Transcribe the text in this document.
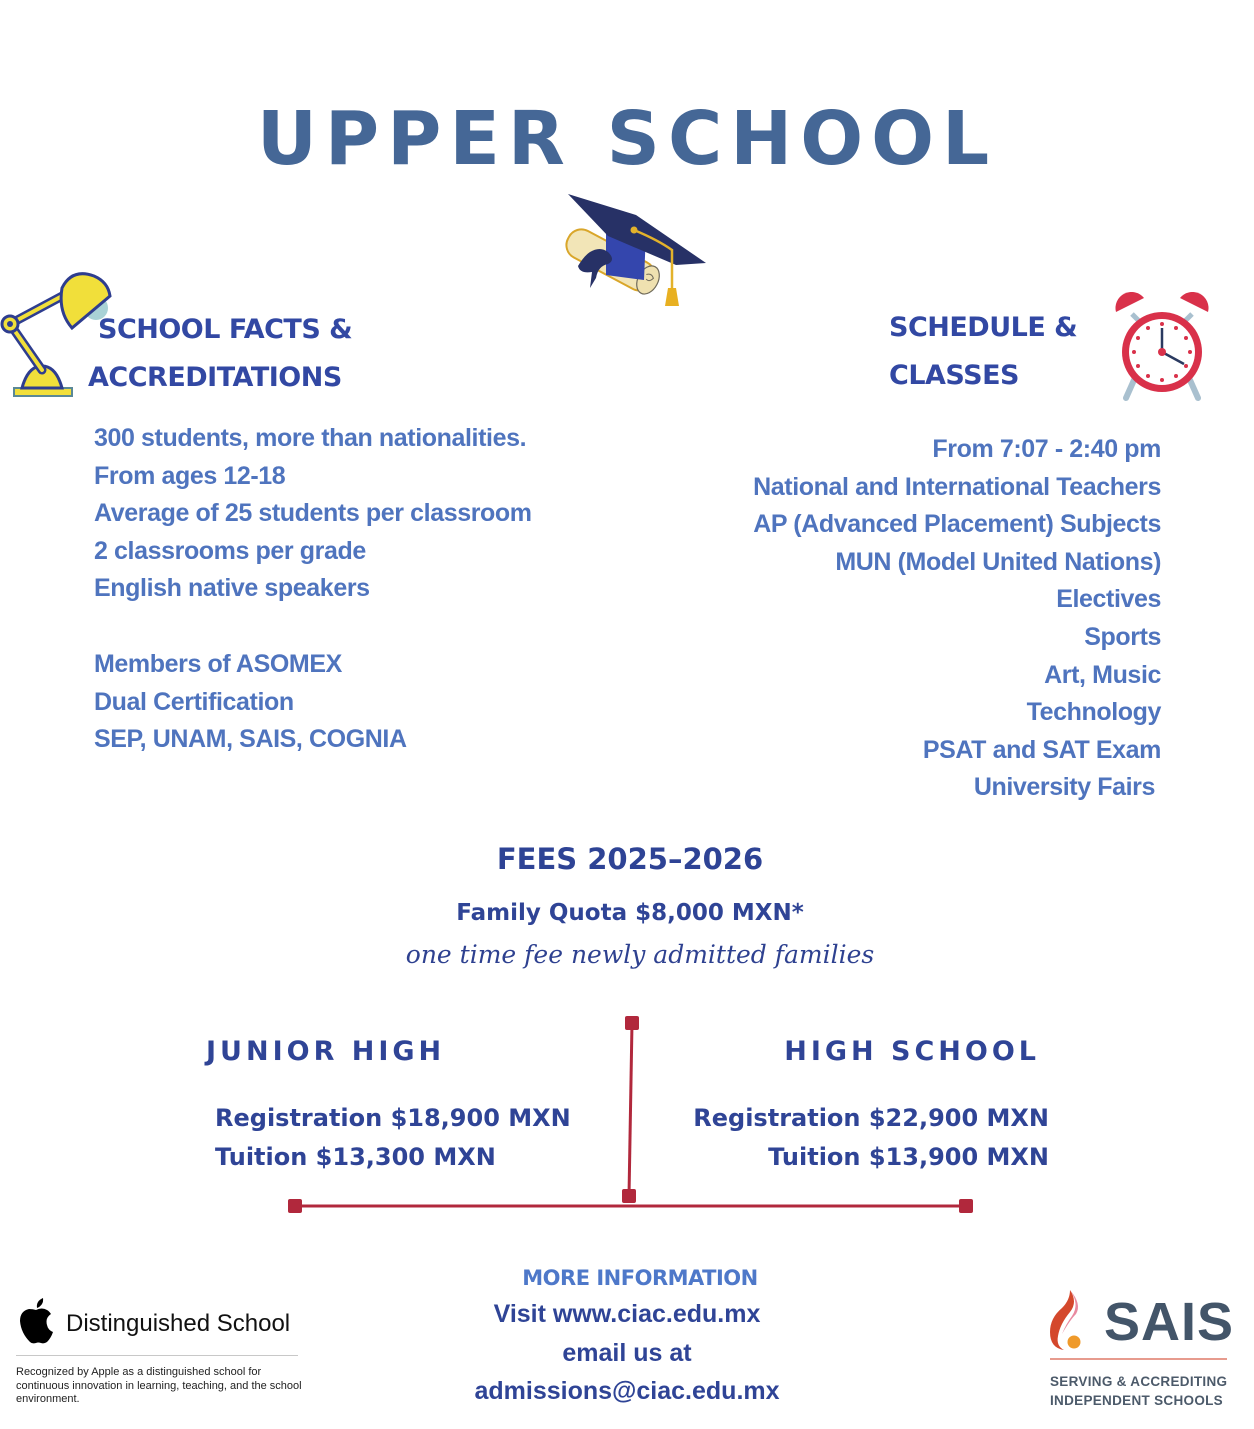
UPPER SCHOOL
SCHOOL FACTS &
ACCREDITATIONS
300 students, more than nationalities.
From ages 12-18
Average of 25 students per classroom
2 classrooms per grade
English native speakers
Members of ASOMEX
Dual Certification
SEP, UNAM, SAIS, COGNIA
SCHEDULE &
CLASSES
From 7:07 - 2:40 pm
National and International Teachers
AP (Advanced Placement) Subjects
MUN (Model United Nations)
Electives
Sports
Art, Music
Technology
PSAT and SAT Exam
University Fairs
FEES 2025–2026
Family Quota $8,000 MXN*
one time fee newly admitted families
JUNIOR HIGH
Registration $18,900 MXN
Tuition $13,300 MXN
HIGH SCHOOL
Registration $22,900 MXN
Tuition $13,900 MXN
MORE INFORMATION
Visit www.ciac.edu.mx
email us at
admissions@ciac.edu.mx
Distinguished School
Recognized by Apple as a distinguished school for continuous innovation in learning, teaching, and the school environment.
SAIS
SERVING & ACCREDITING
INDEPENDENT SCHOOLS
